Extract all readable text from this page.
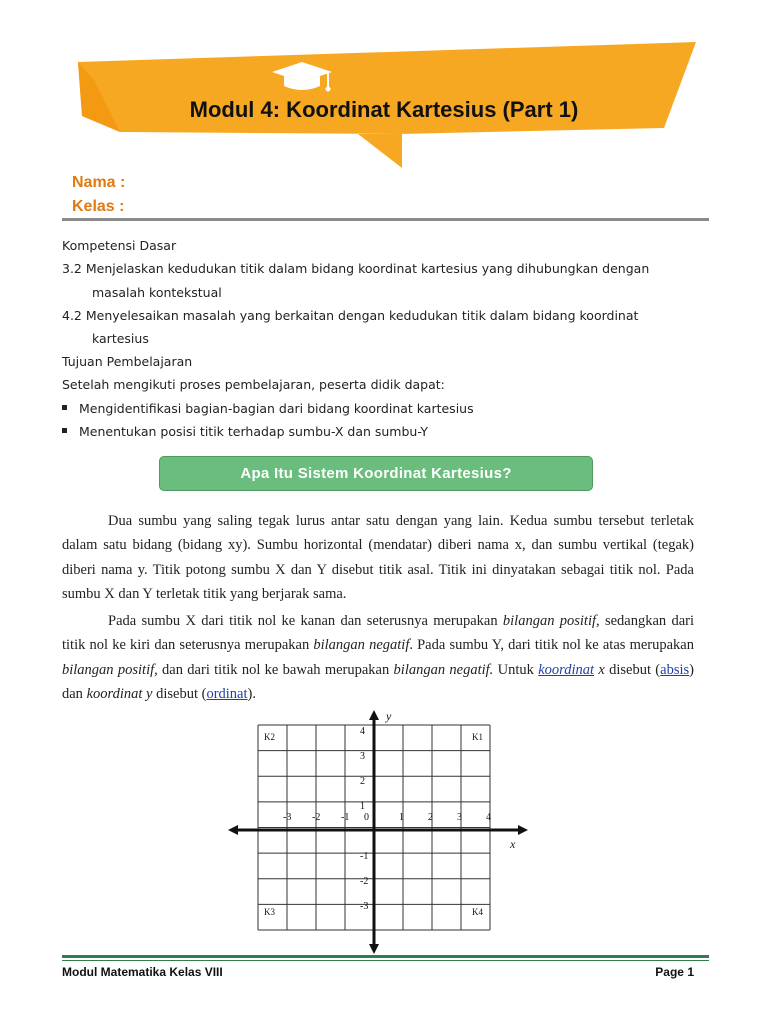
Modul 4: Koordinat Kartesius (Part 1)
Nama :
Kelas :
Kompetensi Dasar
3.2 Menjelaskan kedudukan titik dalam bidang koordinat kartesius yang dihubungkan dengan
masalah kontekstual
4.2 Menyelesaikan masalah yang berkaitan dengan kedudukan titik dalam bidang koordinat
kartesius
Tujuan Pembelajaran
Setelah mengikuti proses pembelajaran, peserta didik dapat:
Mengidentifikasi bagian-bagian dari bidang koordinat kartesius
Menentukan posisi titik terhadap sumbu-X dan sumbu-Y
Apa Itu Sistem Koordinat Kartesius?
Dua sumbu yang saling tegak lurus antar satu dengan yang lain. Kedua sumbu tersebut terletak dalam satu bidang (bidang xy). Sumbu horizontal (mendatar) diberi nama x, dan sumbu vertikal (tegak) diberi nama y. Titik potong sumbu X dan Y disebut titik asal. Titik ini dinyatakan sebagai titik nol. Pada sumbu X dan Y terletak titik yang berjarak sama.
Pada sumbu X dari titik nol ke kanan dan seterusnya merupakan bilangan positif, sedangkan dari titik nol ke kiri dan seterusnya merupakan bilangan negatif. Pada sumbu Y, dari titik nol ke atas merupakan bilangan positif, dan dari titik nol ke bawah merupakan bilangan negatif. Untuk koordinat x disebut (absis) dan koordinat y disebut (ordinat).
-3 -2 -1 0	1 2 3 4
4
3
2
1
-1
-2
-3
x
y
K2	K1
K3	K4
Modul Matematika Kelas VIII	Page 1
